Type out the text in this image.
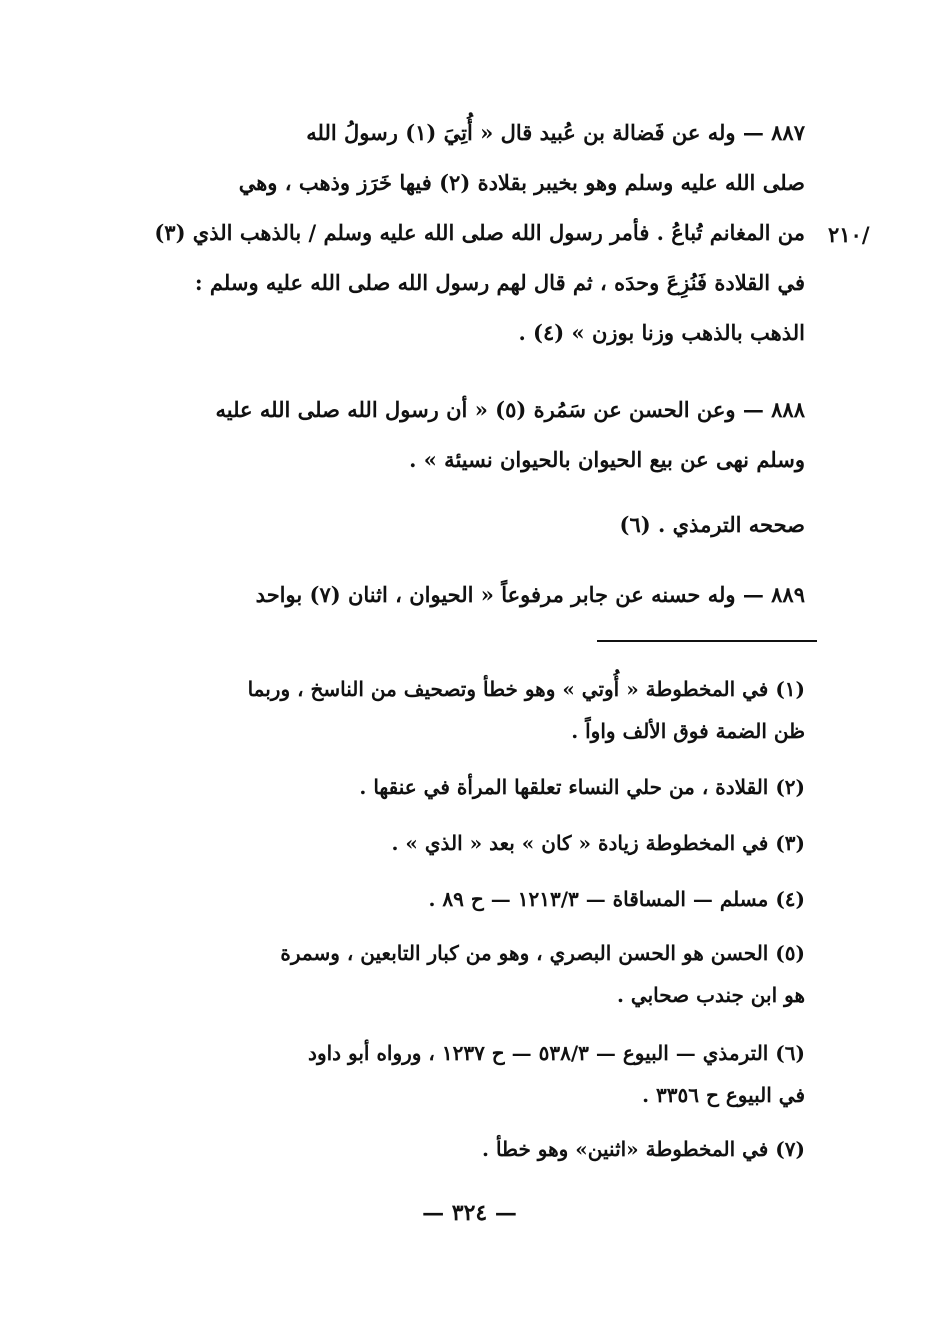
/٢١٠
٨٨٧ — وله عن فَضالة بن عُبيد قال « أُتِيَ (١) رسولُ الله
صلى الله عليه وسلم وهو بخيبر بقلادة (٢) فيها خَرَز وذهب ، وهي
من المغانم تُباعُ . فأمر رسول الله صلى الله عليه وسلم / بالذهب الذي (٣)
في القلادة فَنُزِعَ وحدَه ، ثم قال لهم رسول الله صلى الله عليه وسلم :
الذهب بالذهب وزنا بوزن » (٤) .
٨٨٨ — وعن الحسن عن سَمُرة (٥) « أن رسول الله صلى الله عليه
وسلم نهى عن بيع الحيوان بالحيوان نسيئة » .
صححه الترمذي . (٦)
٨٨٩ — وله حسنه عن جابر مرفوعاً « الحيوان ، اثنان (٧) بواحد
(١) في المخطوطة « أُوتي » وهو خطأ وتصحيف من الناسخ ، وربما
ظن الضمة فوق الألف واواً .
(٢) القلادة ، من حلي النساء تعلقها المرأة في عنقها .
(٣) في المخطوطة زيادة « كان » بعد « الذي » .
(٤) مسلم — المساقاة — ١٢١٣/٣ — ح ٨٩ .
(٥) الحسن هو الحسن البصري ، وهو من كبار التابعين ، وسمرة
هو ابن جندب صحابي .
(٦) الترمذي — البيوع — ٥٣٨/٣ — ح ١٢٣٧ ، ورواه أبو داود
في البيوع ح ٣٣٥٦ .
(٧) في المخطوطة «اثنين» وهو خطأ .
— ٣٢٤ —
